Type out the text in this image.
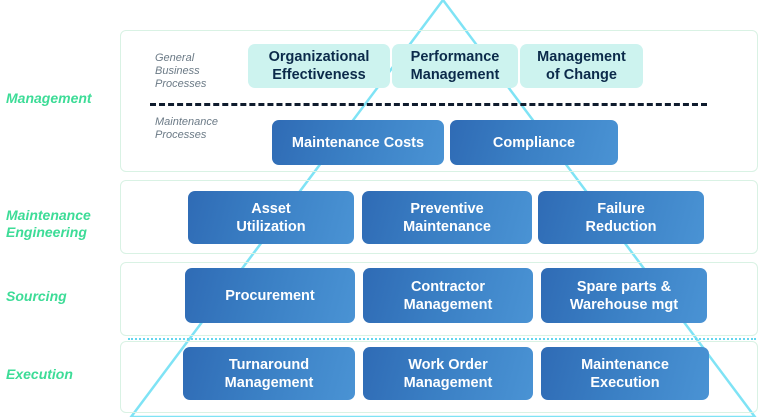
Management
General
Business
Processes
Organizational
Effectiveness
Performance
Management
Management
of Change
Maintenance
Processes	Maintenance Costs	Compliance
Maintenance
Engineering
Asset
Utilization
Preventive
Maintenance
Failure
Reduction
Sourcing	Procurement
Contractor
Management
Spare parts &
Warehouse mgt
Execution
Turnaround
Management
Work Order
Management
Maintenance
Execution
